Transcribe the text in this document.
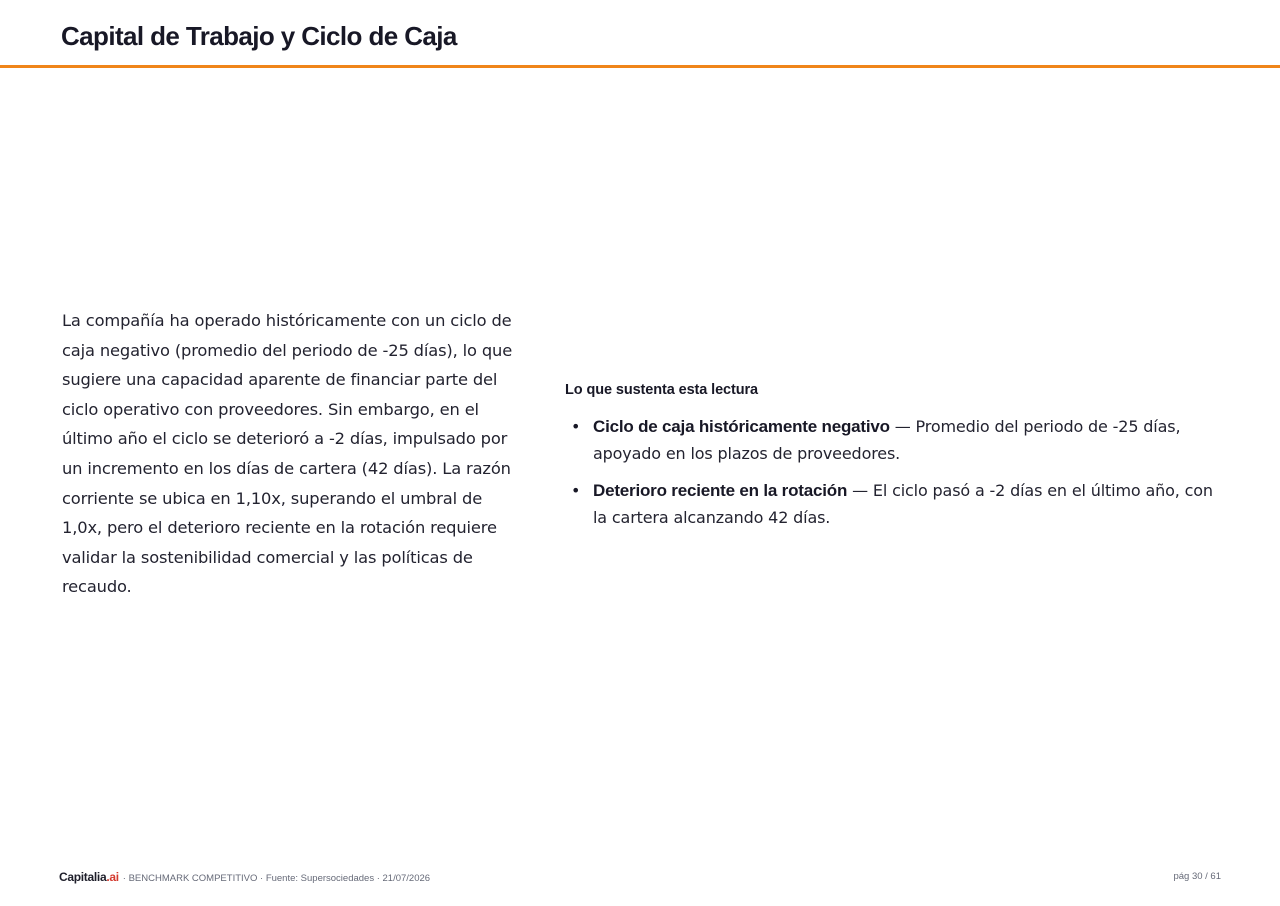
Capital de Trabajo y Ciclo de Caja

La compañía ha operado históricamente con un ciclo de caja negativo (promedio del periodo de -25 días), lo que sugiere una capacidad aparente de financiar parte del ciclo operativo con proveedores. Sin embargo, en el último año el ciclo se deterioró a -2 días, impulsado por un incremento en los días de cartera (42 días). La razón corriente se ubica en 1,10x, superando el umbral de 1,0x, pero el deterioro reciente en la rotación requiere validar la sostenibilidad comercial y las políticas de recaudo.

Lo que sustenta esta lectura
• Ciclo de caja históricamente negativo — Promedio del periodo de -25 días, apoyado en los plazos de proveedores.
• Deterioro reciente en la rotación — El ciclo pasó a -2 días en el último año, con la cartera alcanzando 42 días.
Capitalia.ai · BENCHMARK COMPETITIVO · Fuente: Supersociedades · 21/07/2026	pág 30 / 61
